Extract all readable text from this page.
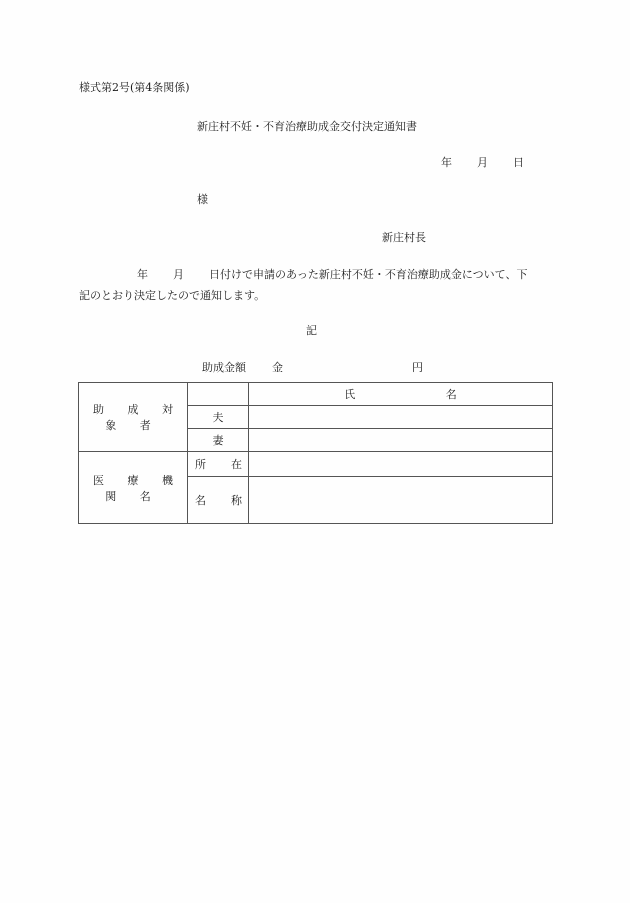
様式第2号(第4条関係)
新庄村不妊・不育治療助成金交付決定通知書
年 月 日
様
新庄村長
年 月 日付けで申請のあった新庄村不妊・不育治療助成金について、下
記のとおり決定したので通知します。
記
助成金額 金	円
助 成 対 象 者		氏 名

	夫	
	妻	
医 療 機 関 名	所 在	

	名 称	
